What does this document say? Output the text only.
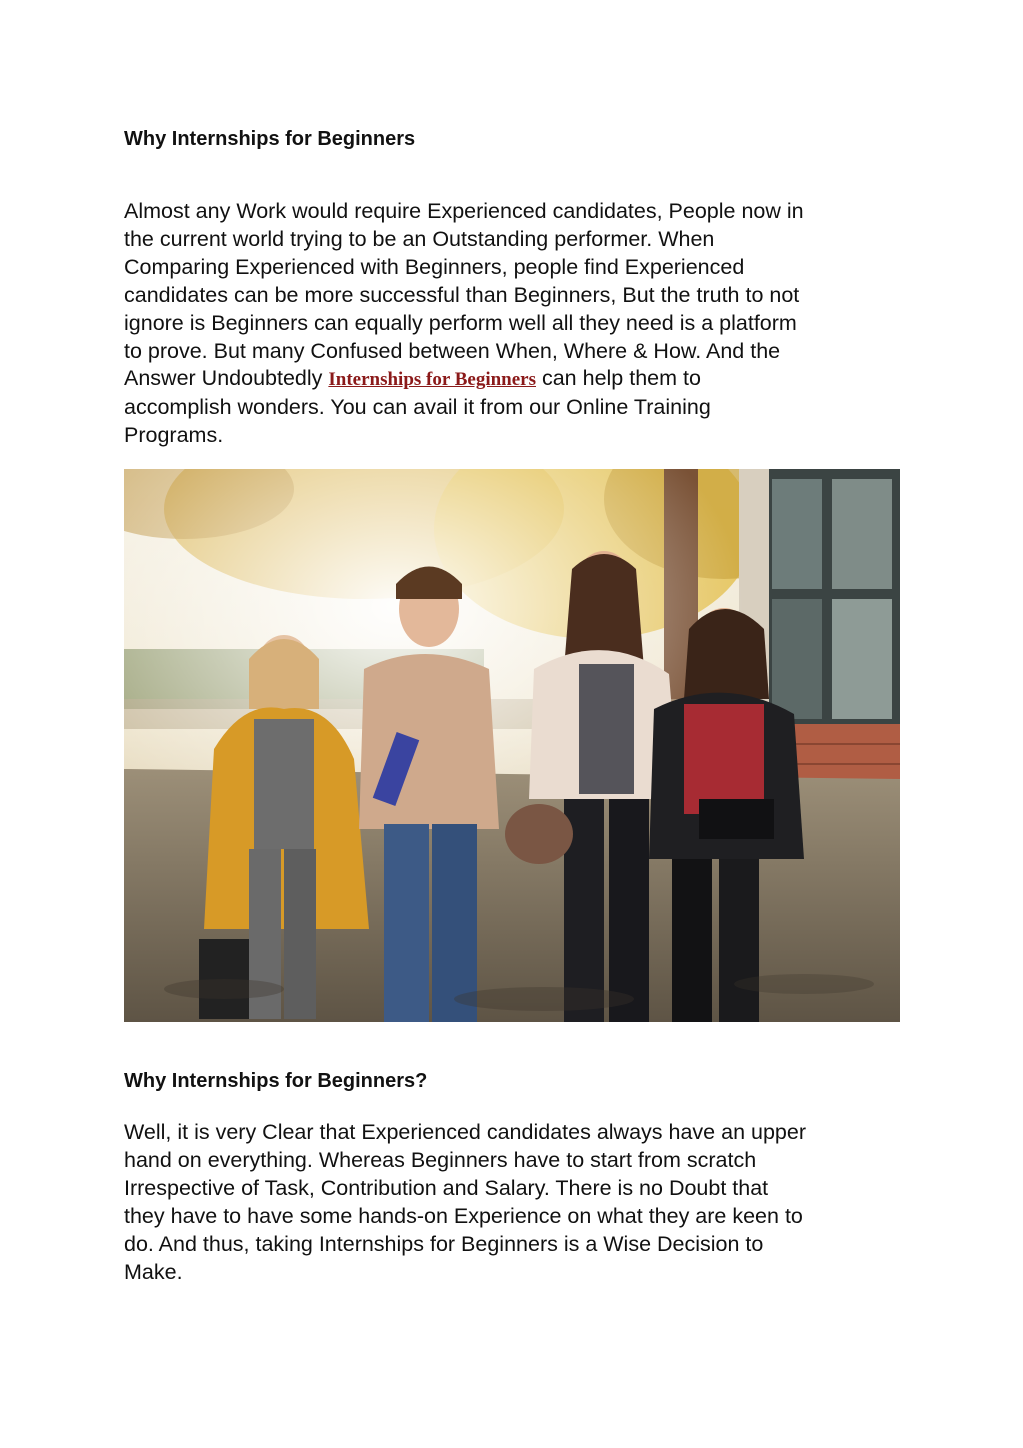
Why Internships for Beginners
Almost any Work would require Experienced candidates, People now in
the current world trying to be an Outstanding performer. When
Comparing Experienced with Beginners, people find Experienced
candidates can be more successful than Beginners, But the truth to not
ignore is Beginners can equally perform well all they need is a platform
to prove. But many Confused between When, Where & How. And the
Answer Undoubtedly Internships for Beginners can help them to
accomplish wonders. You can avail it from our Online Training
Programs.
Why Internships for Beginners?
Well, it is very Clear that Experienced candidates always have an upper
hand on everything. Whereas Beginners have to start from scratch
Irrespective of Task, Contribution and Salary. There is no Doubt that
they have to have some hands-on Experience on what they are keen to
do. And thus, taking Internships for Beginners is a Wise Decision to
Make.
